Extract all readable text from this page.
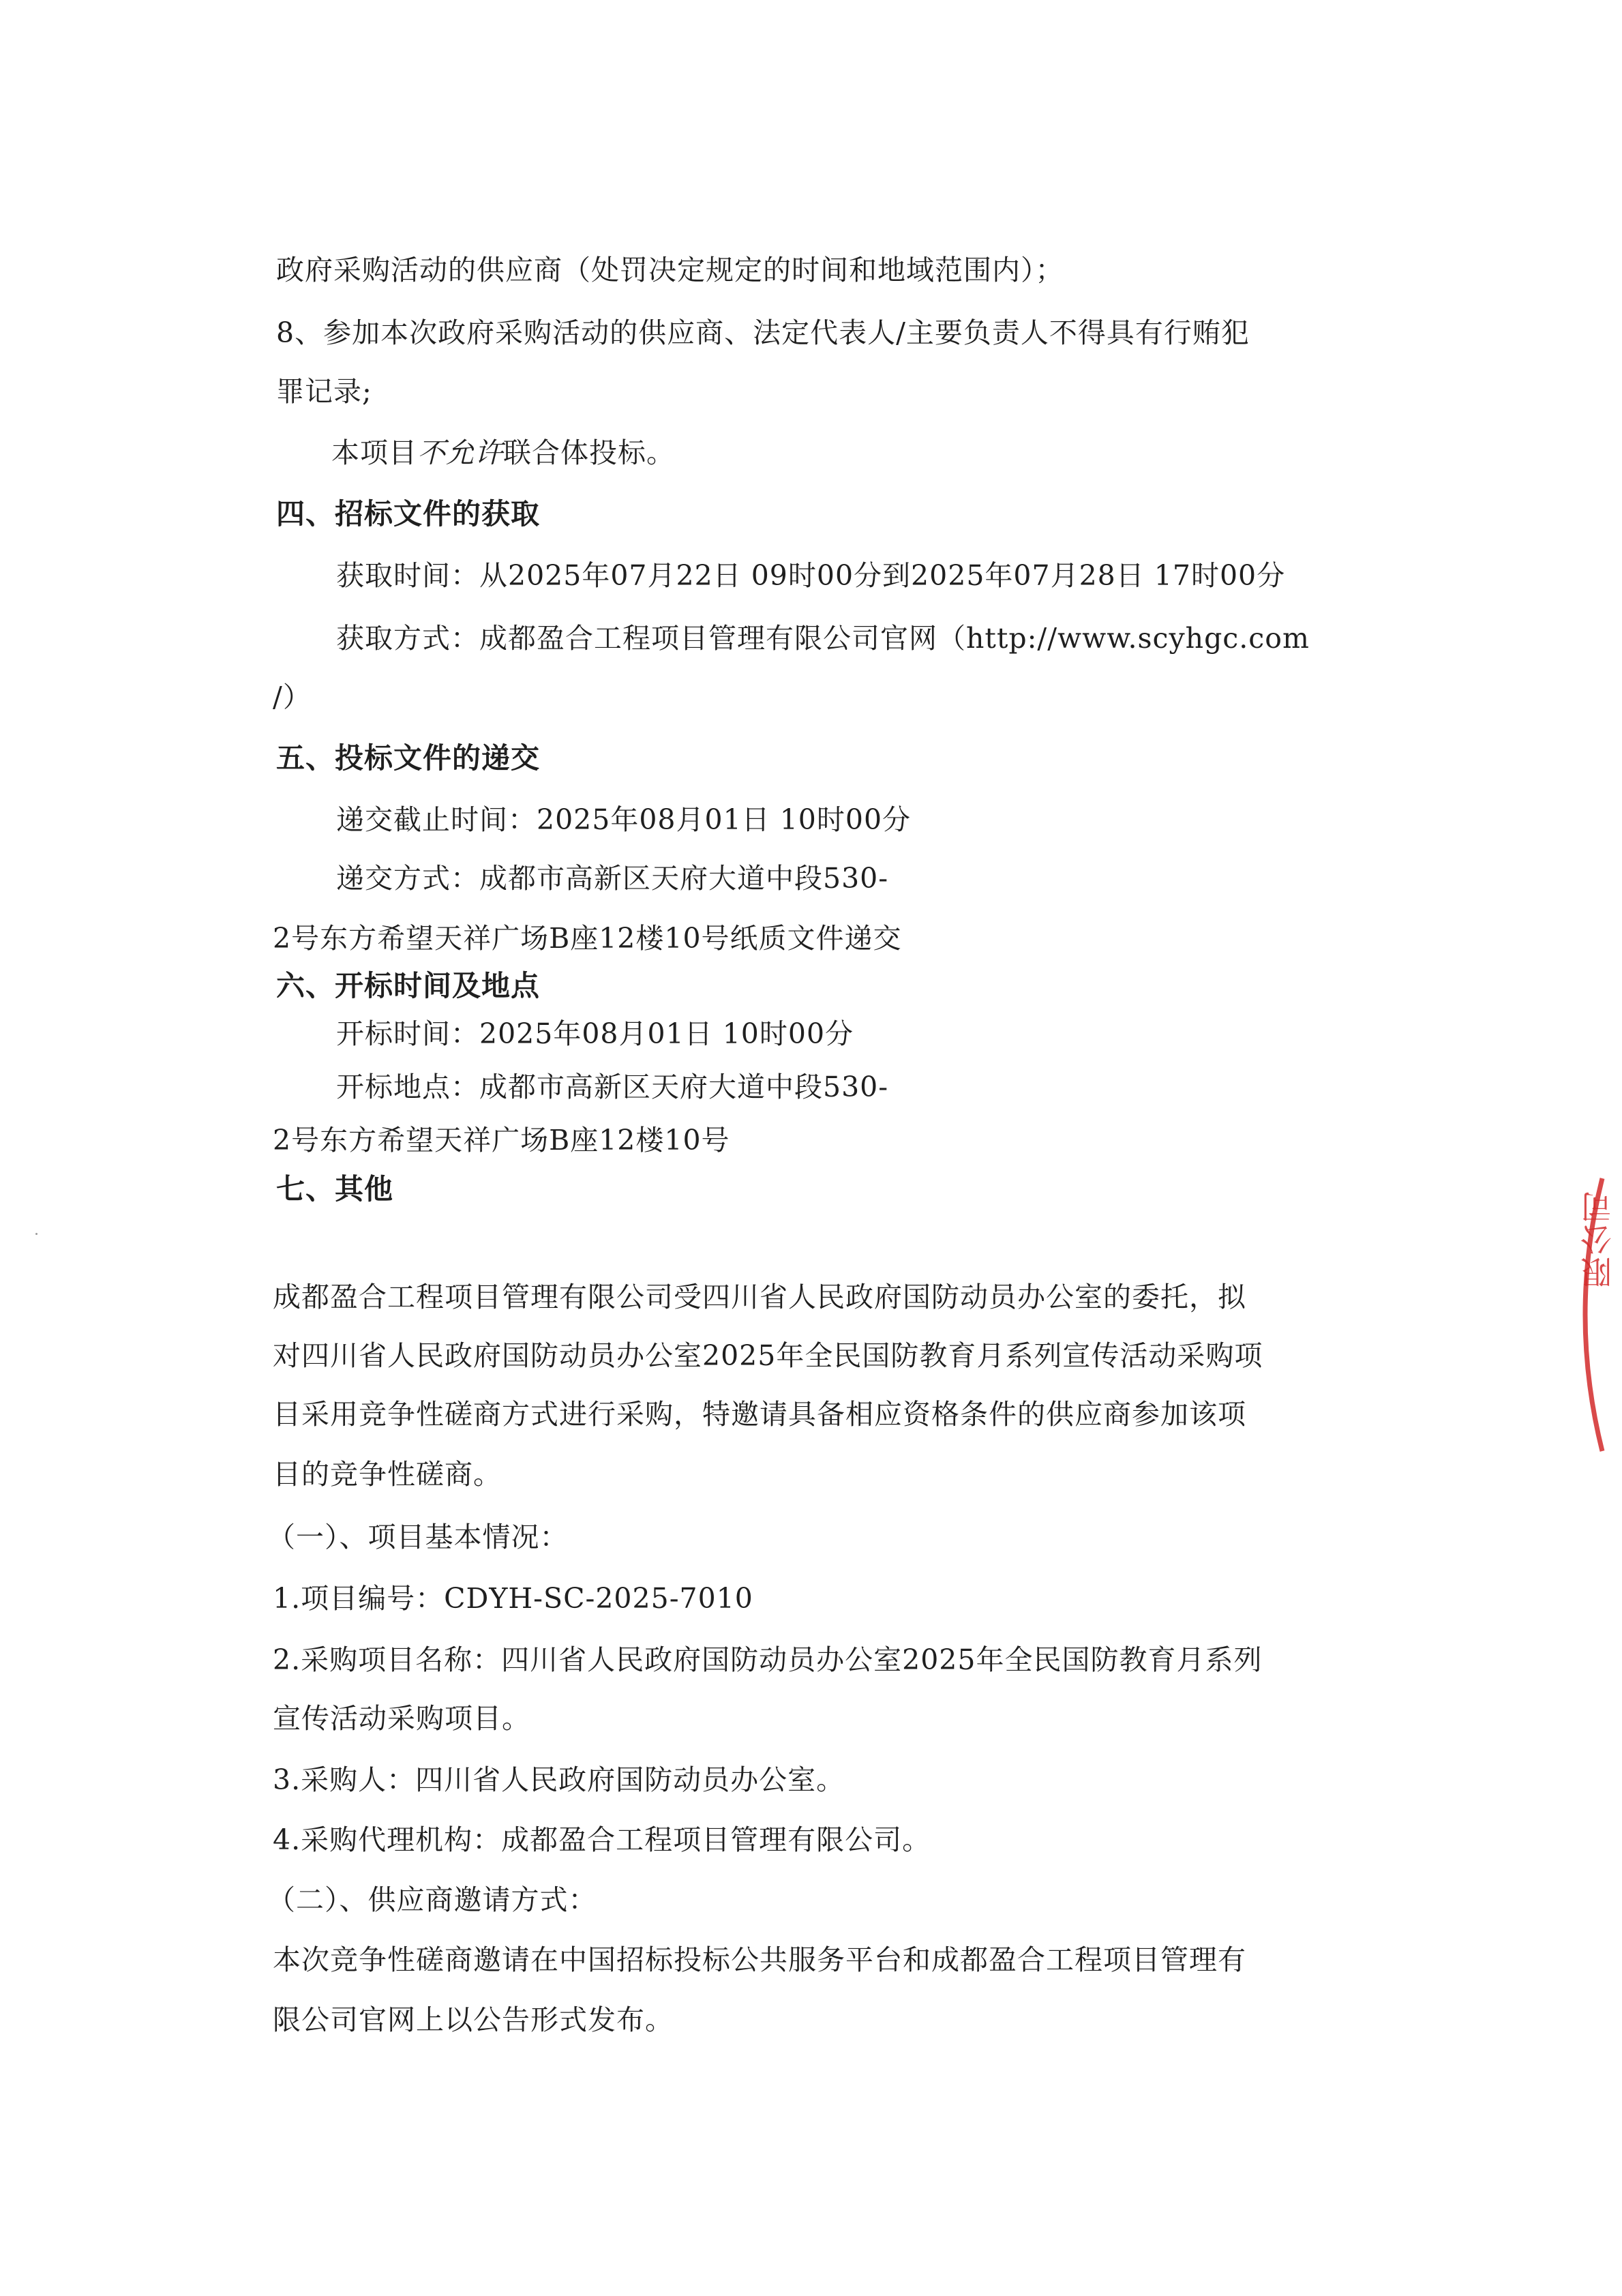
政府采购活动的供应商（处罚决定规定的时间和地域范围内）；
8、参加本次政府采购活动的供应商、法定代表人/主要负责人不得具有行贿犯
罪记录;
本项目不允许联合体投标。
四、招标文件的获取
获取时间：从2025年07月22日 09时00分到2025年07月28日 17时00分
获取方式：成都盈合工程项目管理有限公司官网（http://www.scyhgc.com
/）
五、投标文件的递交
递交截止时间：2025年08月01日 10时00分
递交方式：成都市高新区天府大道中段530-
2号东方希望天祥广场B座12楼10号纸质文件递交
六、开标时间及地点
开标时间：2025年08月01日 10时00分
开标地点：成都市高新区天府大道中段530-
2号东方希望天祥广场B座12楼10号
七、其他
成都盈合工程项目管理有限公司受四川省人民政府国防动员办公室的委托，拟
对四川省人民政府国防动员办公室2025年全民国防教育月系列宣传活动采购项
目采用竞争性磋商方式进行采购，特邀请具备相应资格条件的供应商参加该项
目的竞争性磋商。
（一）、项目基本情况：
1.项目编号：CDYH-SC-2025-7010
2.采购项目名称：四川省人民政府国防动员办公室2025年全民国防教育月系列
宣传活动采购项目。
3.采购人：四川省人民政府国防动员办公室。
4.采购代理机构：成都盈合工程项目管理有限公司。
（二）、供应商邀请方式：
本次竞争性磋商邀请在中国招标投标公共服务平台和成都盈合工程项目管理有
限公司官网上以公告形式发布。
限公司
